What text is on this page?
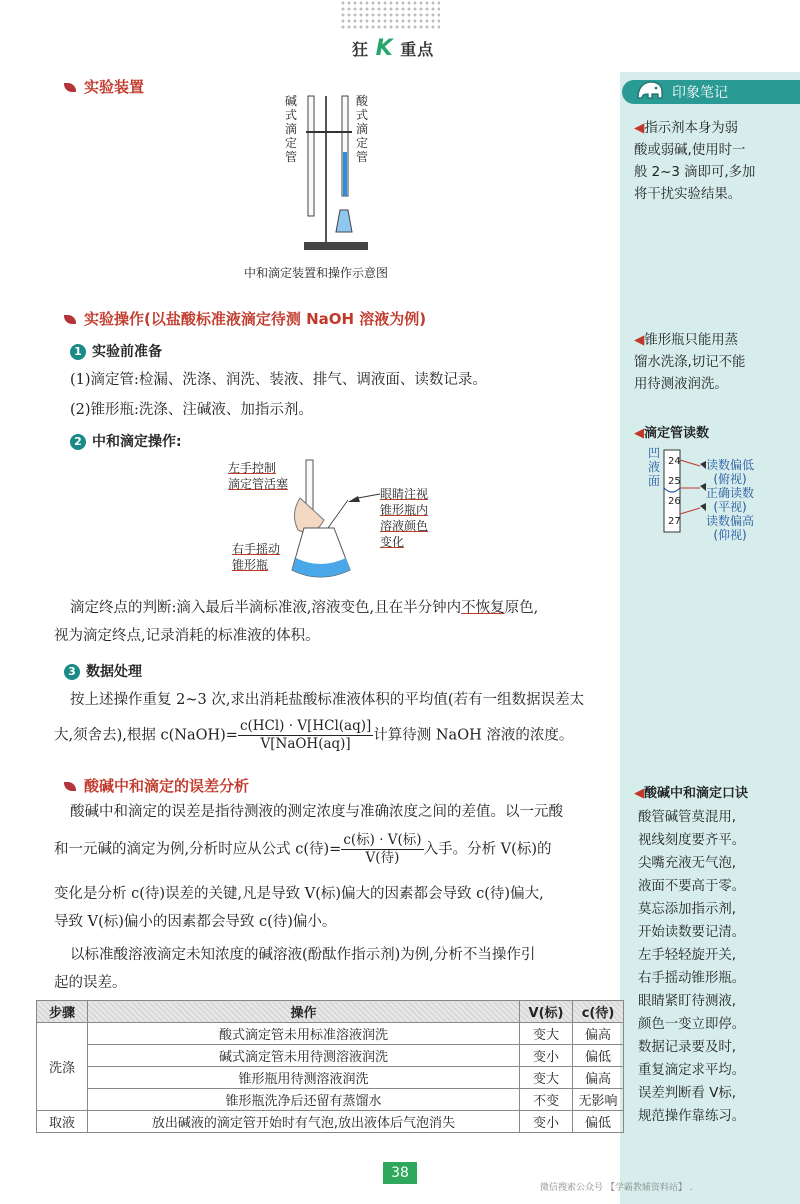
狂 K 重点
印象笔记
◀指示剂本身为弱
酸或弱碱,使用时一
般 2~3 滴即可,多加
将干扰实验结果。
◀锥形瓶只能用蒸
馏水洗涤,切记不能
用待测液润洗。
◀滴定管读数
凹
液
面
24
25
26
27
读数偏低
(俯视)
正确读数
(平视)
读数偏高
(仰视)
◀酸碱中和滴定口诀
酸管碱管莫混用,
视线刻度要齐平。
尖嘴充液无气泡,
液面不要高于零。
莫忘添加指示剂,
开始读数要记清。
左手轻轻旋开关,
右手摇动锥形瓶。
眼睛紧盯待测液,
颜色一变立即停。
数据记录要及时,
重复滴定求平均。
误差判断看 V标,
规范操作靠练习。
实验装置
碱式滴定管
酸式滴定管
中和滴定装置和操作示意图
实验操作(以盐酸标准液滴定待测 NaOH 溶液为例)
1 实验前准备
(1)滴定管:检漏、洗涤、润洗、装液、排气、调液面、读数记录。
(2)锥形瓶:洗涤、注碱液、加指示剂。
2 中和滴定操作:
左手控制
滴定管活塞
右手摇动
锥形瓶
眼睛注视
锥形瓶内
溶液颜色
变化
滴定终点的判断:滴入最后半滴标准液,溶液变色,且在半分钟内不恢复原色,
视为滴定终点,记录消耗的标准液的体积。
3 数据处理
按上述操作重复 2~3 次,求出消耗盐酸标准液体积的平均值(若有一组数据误差太
大,须舍去),根据 c(NaOH)= $\frac{\text{c(HCl) · V[HCl(aq)]}}{\text{V[NaOH(aq)]}}$ 计算待测 NaOH 溶液的浓度。
酸碱中和滴定的误差分析
酸碱中和滴定的误差是指待测液的测定浓度与准确浓度之间的差值。以一元酸
和一元碱的滴定为例,分析时应从公式 c(待)= $\frac{\text{c(标) · V(标)}}{\text{V(待)}}$ 入手。分析 V(标)的
变化是分析 c(待)误差的关键,凡是导致 V(标)偏大的因素都会导致 c(待)偏大,
导致 V(标)偏小的因素都会导致 c(待)偏小。
以标准酸溶液滴定未知浓度的碱溶液(酚酞作指示剂)为例,分析不当操作引
起的误差。
步骤	操作	V(标)	c(待)
洗涤	酸式滴定管未用标准溶液润洗	变大	偏高
	碱式滴定管未用待测溶液润洗	变小	偏低
	锥形瓶用待测溶液润洗	变大	偏高
	锥形瓶洗净后还留有蒸馏水	不变	无影响
取液	放出碱液的滴定管开始时有气泡,放出液体后气泡消失	变小	偏低
38
微信搜索公众号 【学霸教辅资料站】 .
